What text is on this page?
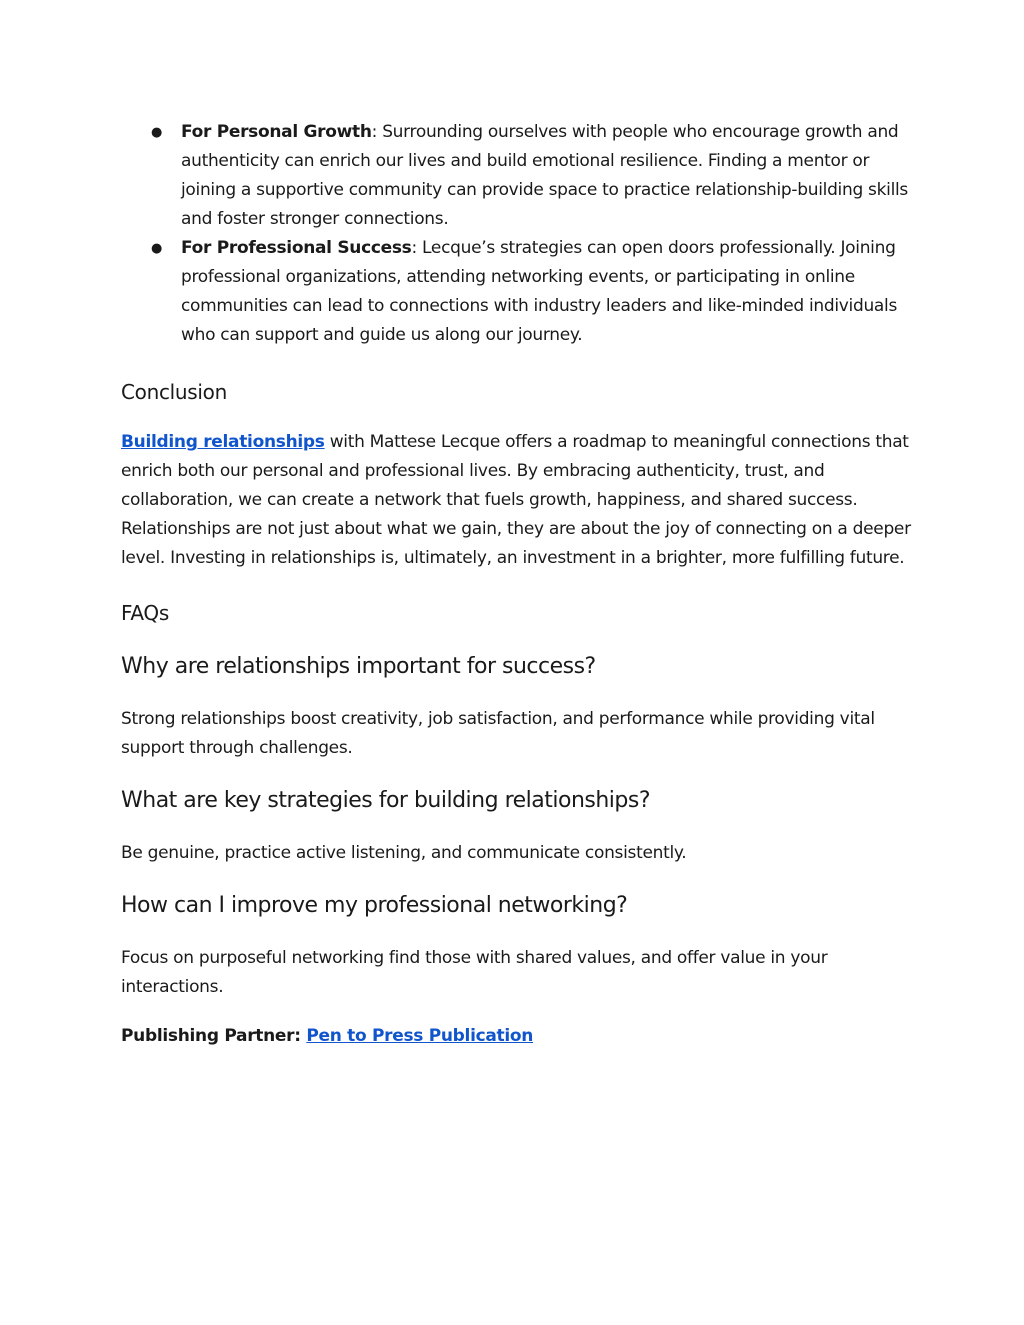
● For Personal Growth: Surrounding ourselves with people who encourage growth and authenticity can enrich our lives and build emotional resilience. Finding a mentor or joining a supportive community can provide space to practice relationship-building skills and foster stronger connections.
● For Professional Success: Lecque’s strategies can open doors professionally. Joining professional organizations, attending networking events, or participating in online communities can lead to connections with industry leaders and like-minded individuals who can support and guide us along our journey.
Conclusion

Building relationships with Mattese Lecque offers a roadmap to meaningful connections that enrich both our personal and professional lives. By embracing authenticity, trust, and collaboration, we can create a network that fuels growth, happiness, and shared success. Relationships are not just about what we gain, they are about the joy of connecting on a deeper level. Investing in relationships is, ultimately, an investment in a brighter, more fulfilling future.

FAQs
Why are relationships important for success?

Strong relationships boost creativity, job satisfaction, and performance while providing vital support through challenges.

What are key strategies for building relationships?

Be genuine, practice active listening, and communicate consistently.

How can I improve my professional networking?

Focus on purposeful networking find those with shared values, and offer value in your interactions.

Publishing Partner: Pen to Press Publication
